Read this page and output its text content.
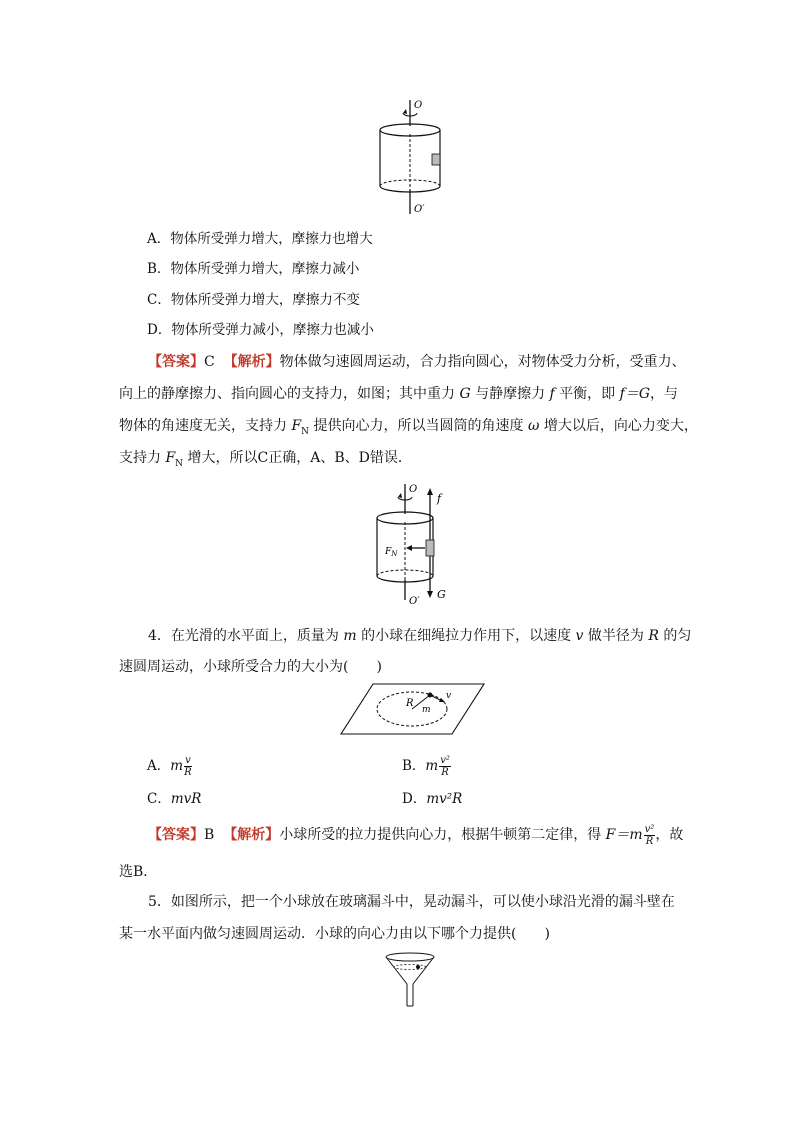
O
O′
A．物体所受弹力增大，摩擦力也增大
B．物体所受弹力增大，摩擦力减小
C．物体所受弹力增大，摩擦力不变
D．物体所受弹力减小，摩擦力也减小
【答案】C 【解析】物体做匀速圆周运动，合力指向圆心，对物体受力分析，受重力、
向上的静摩擦力、指向圆心的支持力，如图；其中重力 G 与静摩擦力 f 平衡，即 f＝G，与
物体的角速度无关，支持力 $F_N$ 提供向心力，所以当圆筒的角速度 ω 增大以后，向心力变大，
支持力 $F_N$ 增大，所以C正确，A、B、D错误．
O
O′
f
G
$F_N$
4．在光滑的水平面上，质量为 m 的小球在细绳拉力作用下，以速度 v 做半径为 R 的匀
速圆周运动，小球所受合力的大小为(　　)
R
m
v
A．m $\frac{v}{R}$	B．m $\frac{\text{v²}}{R}$
C．mvR	D．mv²R
【答案】B 【解析】小球所受的拉力提供向心力，根据牛顿第二定律，得 $F=m \frac{\text{v²}}{R}$ ，故
选B．
5．如图所示，把一个小球放在玻璃漏斗中，晃动漏斗，可以使小球沿光滑的漏斗壁在
某一水平面内做匀速圆周运动．小球的向心力由以下哪个力提供(　　)
